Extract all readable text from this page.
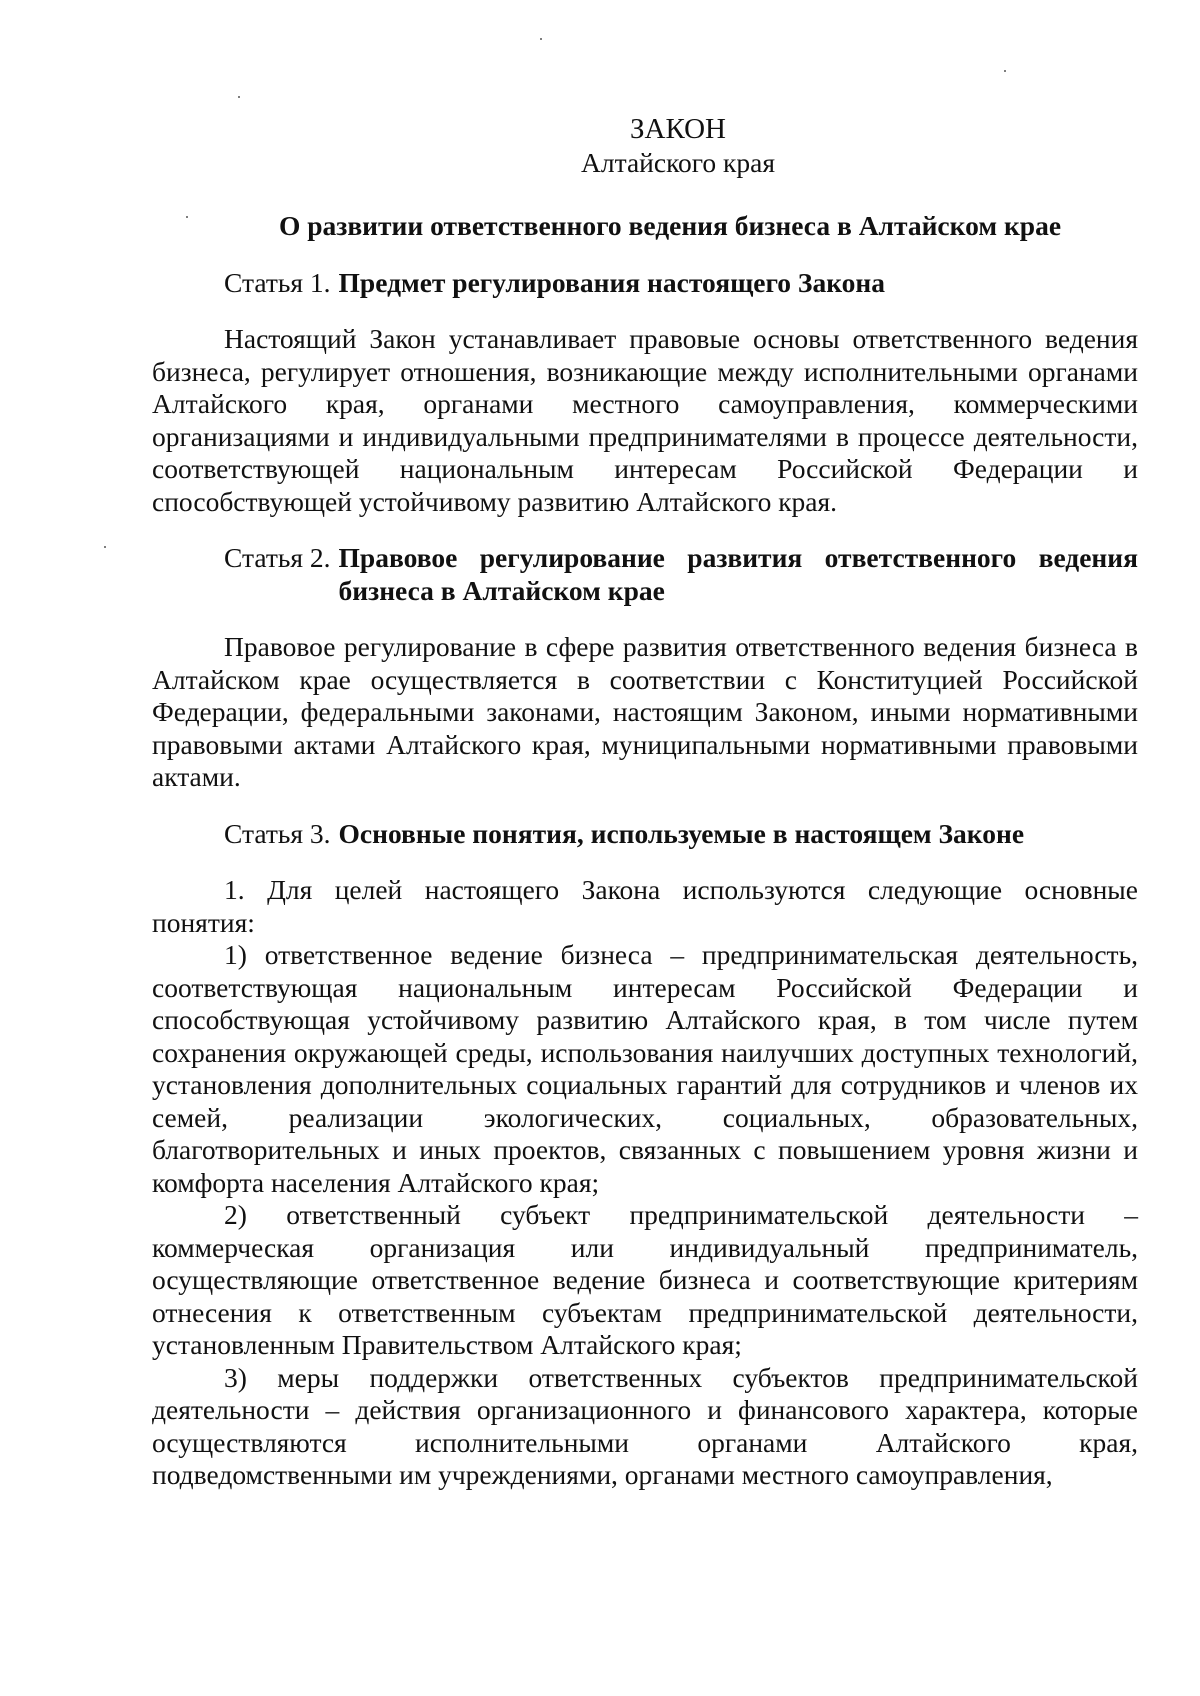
ЗАКОН
Алтайского края
О развитии ответственного ведения бизнеса в Алтайском крае
Статья 1. Предмет регулирования настоящего Закона

Настоящий Закон устанавливает правовые основы ответственного ведения бизнеса, регулирует отношения, возникающие между исполнительными органами Алтайского края, органами местного самоуправления, коммерческими организациями и индивидуальными предпринимателями в процессе деятельности, соответствующей национальным интересам Российской Федерации и способствующей устойчивому развитию Алтайского края.

Статья 2. Правовое регулирование развития ответственного ведения бизнеса в Алтайском крае

Правовое регулирование в сфере развития ответственного ведения бизнеса в Алтайском крае осуществляется в соответствии с Конституцией Российской Федерации, федеральными законами, настоящим Законом, иными нормативными правовыми актами Алтайского края, муниципальными нормативными правовыми актами.

Статья 3. Основные понятия, используемые в настоящем Законе

1. Для целей настоящего Закона используются следующие основные понятия:

1) ответственное ведение бизнеса – предпринимательская деятельность, соответствующая национальным интересам Российской Федерации и способствующая устойчивому развитию Алтайского края, в том числе путем сохранения окружающей среды, использования наилучших доступных технологий, установления дополнительных социальных гарантий для сотрудников и членов их семей, реализации экологических, социальных, образовательных, благотворительных и иных проектов, связанных с повышением уровня жизни и комфорта населения Алтайского края;

2) ответственный субъект предпринимательской деятельности – коммерческая организация или индивидуальный предприниматель, осуществляющие ответственное ведение бизнеса и соответствующие критериям отнесения к ответственным субъектам предпринимательской деятельности, установленным Правительством Алтайского края;

3) меры поддержки ответственных субъектов предпринимательской деятельности – действия организационного и финансового характера, которые осуществляются исполнительными органами Алтайского края, подведомственными им учреждениями, органами местного самоуправления,
